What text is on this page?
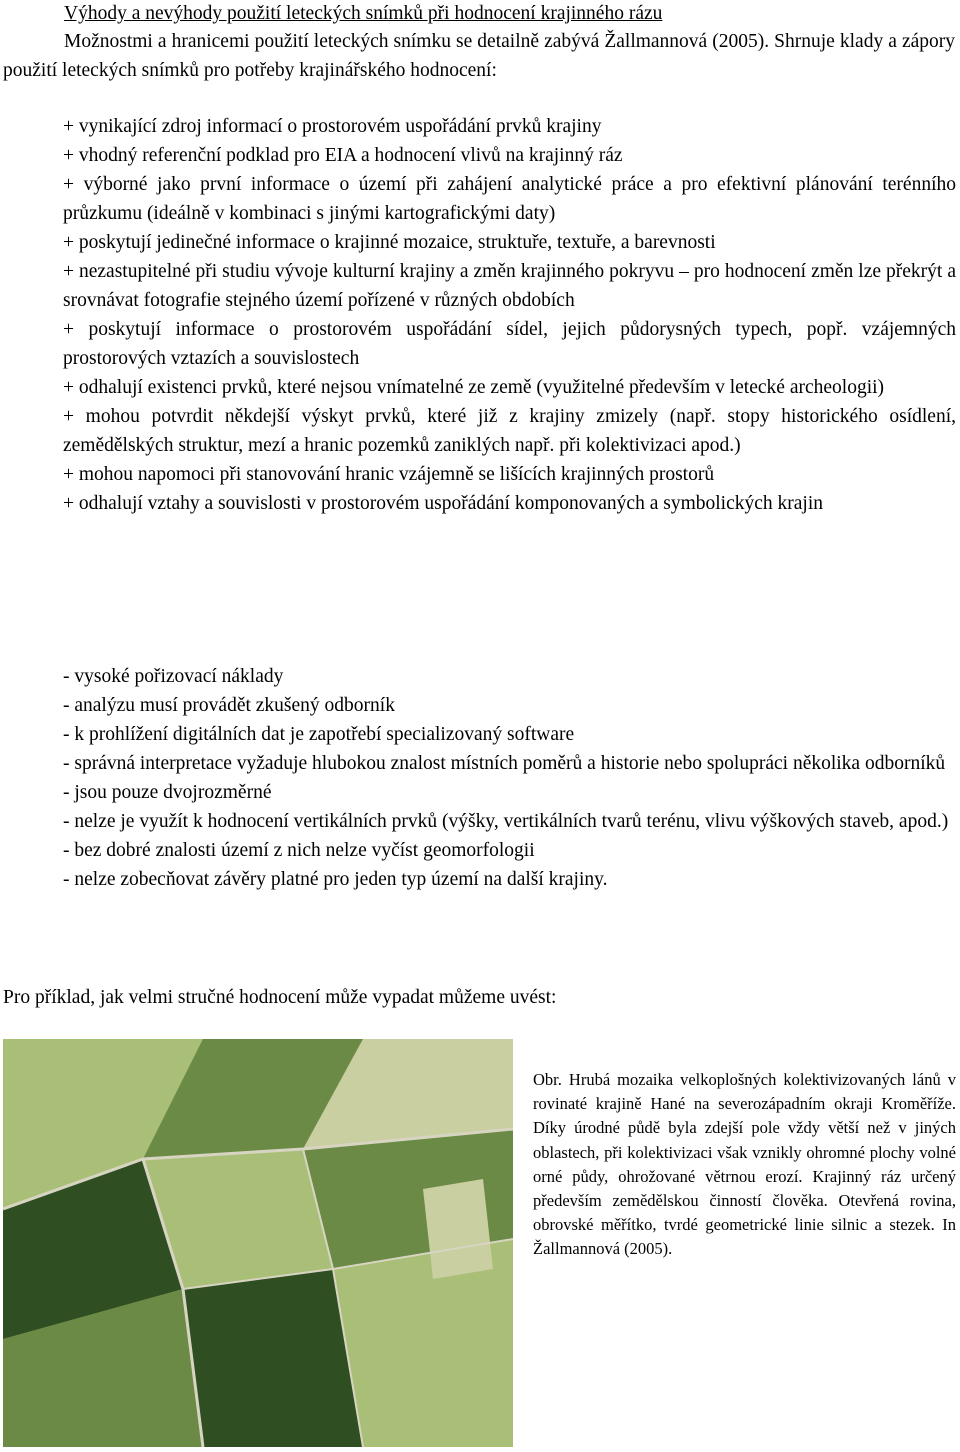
Výhody a nevýhody použití leteckých snímků při hodnocení krajinného rázu

Možnostmi a hranicemi použití leteckých snímku se detailně zabývá Žallmannová (2005). Shrnuje klady a zápory použití leteckých snímků pro potřeby krajinářského hodnocení:

+ vynikající zdroj informací o prostorovém uspořádání prvků krajiny
+ vhodný referenční podklad pro EIA a hodnocení vlivů na krajinný ráz
+ výborné jako první informace o území při zahájení analytické práce a pro efektivní plánování terénního průzkumu (ideálně v kombinaci s jinými kartografickými daty)
+ poskytují jedinečné informace o krajinné mozaice, struktuře, textuře, a barevnosti
+ nezastupitelné při studiu vývoje kulturní krajiny a změn krajinného pokryvu – pro hodnocení změn lze překrýt a srovnávat fotografie stejného území pořízené v různých obdobích
+ poskytují informace o prostorovém uspořádání sídel, jejich půdorysných typech, popř. vzájemných prostorových vztazích a souvislostech
+ odhalují existenci prvků, které nejsou vnímatelné ze země (využitelné především v letecké archeologii)
+ mohou potvrdit někdejší výskyt prvků, které již z krajiny zmizely (např. stopy historického osídlení, zemědělských struktur, mezí a hranic pozemků zaniklých např. při kolektivizaci apod.)
+ mohou napomoci při stanovování hranic vzájemně se lišících krajinných prostorů
+ odhalují vztahy a souvislosti v prostorovém uspořádání komponovaných a symbolických krajin
- vysoké pořizovací náklady
- analýzu musí provádět zkušený odborník
- k prohlížení digitálních dat je zapotřebí specializovaný software
- správná interpretace vyžaduje hlubokou znalost místních poměrů a historie nebo spolupráci několika odborníků
- jsou pouze dvojrozměrné
- nelze je využít k hodnocení vertikálních prvků (výšky, vertikálních tvarů terénu, vlivu výškových staveb, apod.)
- bez dobré znalosti území z nich nelze vyčíst geomorfologii
- nelze zobecňovat závěry platné pro jeden typ území na další krajiny.

Pro příklad, jak velmi stručné hodnocení může vypadat můžeme uvést:

Obr. Hrubá mozaika velkoplošných kolektivizovaných lánů v rovinaté krajině Hané na severozápadním okraji Kroměříže. Díky úrodné půdě byla zdejší pole vždy větší než v jiných oblastech, při kolektivizaci však vznikly ohromné plochy volné orné půdy, ohrožované větrnou erozí. Krajinný ráz určený především zemědělskou činností člověka. Otevřená rovina, obrovské měřítko, tvrdé geometrické linie silnic a stezek. In Žallmannová (2005).
